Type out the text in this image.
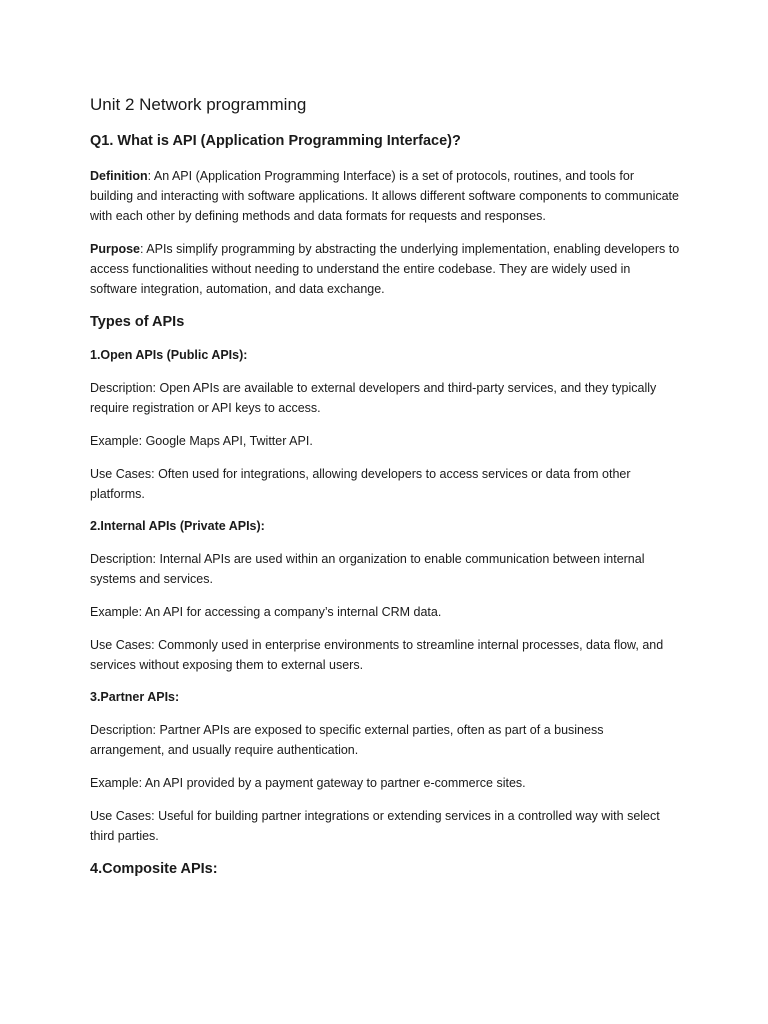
Unit 2 Network programming
Q1. What is API (Application Programming Interface)?

Definition: An API (Application Programming Interface) is a set of protocols, routines, and tools for building and interacting with software applications. It allows different software components to communicate with each other by defining methods and data formats for requests and responses.

Purpose: APIs simplify programming by abstracting the underlying implementation, enabling developers to access functionalities without needing to understand the entire codebase. They are widely used in software integration, automation, and data exchange.

Types of APIs
1.Open APIs (Public APIs):

Description: Open APIs are available to external developers and third-party services, and they typically require registration or API keys to access.

Example: Google Maps API, Twitter API.

Use Cases: Often used for integrations, allowing developers to access services or data from other platforms.

2.Internal APIs (Private APIs):

Description: Internal APIs are used within an organization to enable communication between internal systems and services.

Example: An API for accessing a company’s internal CRM data.

Use Cases: Commonly used in enterprise environments to streamline internal processes, data flow, and services without exposing them to external users.

3.Partner APIs:

Description: Partner APIs are exposed to specific external parties, often as part of a business arrangement, and usually require authentication.

Example: An API provided by a payment gateway to partner e-commerce sites.

Use Cases: Useful for building partner integrations or extending services in a controlled way with select third parties.

4.Composite APIs:
